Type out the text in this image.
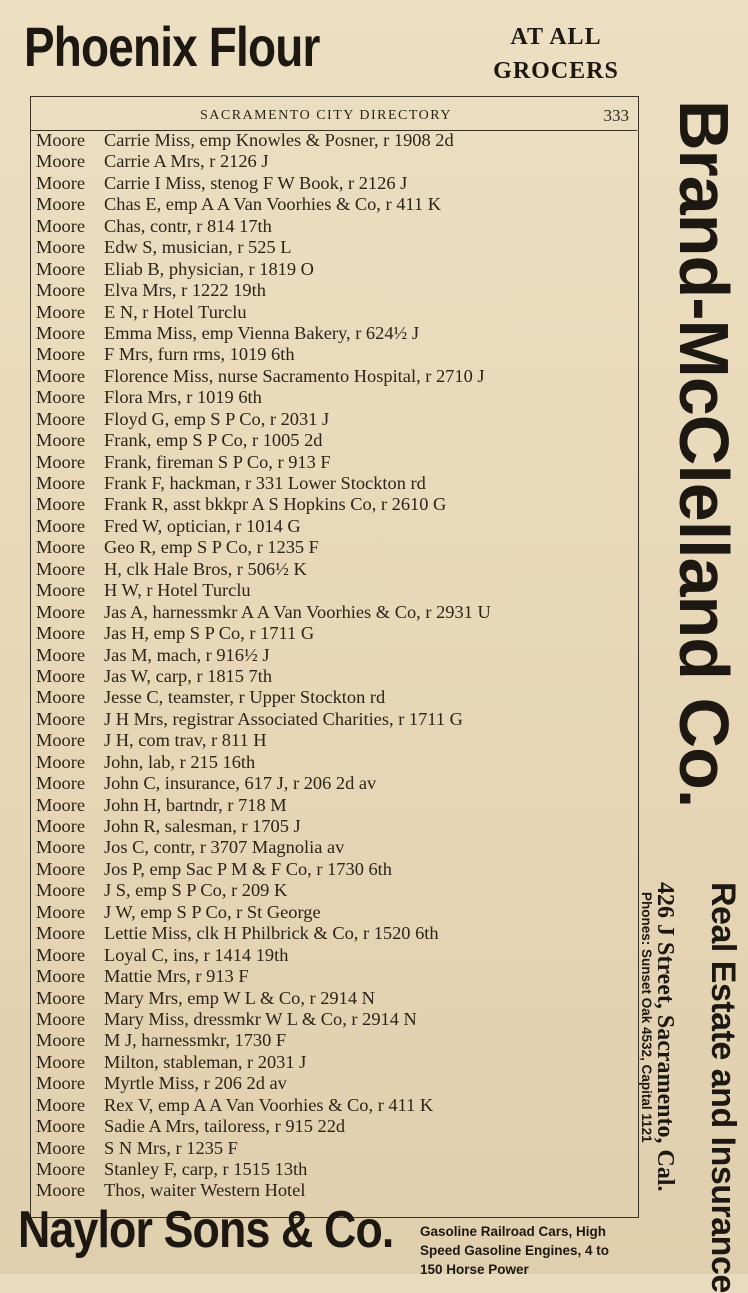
Phoenix Flour	AT ALL
GROCERS
SACRAMENTO CITY DIRECTORY	333
Moore Carrie Miss, emp Knowles & Posner, r 1908 2d
Moore Carrie A Mrs, r 2126 J
Moore Carrie I Miss, stenog F W Book, r 2126 J
Moore Chas E, emp A A Van Voorhies & Co, r 411 K
Moore Chas, contr, r 814 17th
Moore Edw S, musician, r 525 L
Moore Eliab B, physician, r 1819 O
Moore Elva Mrs, r 1222 19th
Moore E N, r Hotel Turclu
Moore Emma Miss, emp Vienna Bakery, r 624½ J
Moore F Mrs, furn rms, 1019 6th
Moore Florence Miss, nurse Sacramento Hospital, r 2710 J
Moore Flora Mrs, r 1019 6th
Moore Floyd G, emp S P Co, r 2031 J
Moore Frank, emp S P Co, r 1005 2d
Moore Frank, fireman S P Co, r 913 F
Moore Frank F, hackman, r 331 Lower Stockton rd
Moore Frank R, asst bkkpr A S Hopkins Co, r 2610 G
Moore Fred W, optician, r 1014 G
Moore Geo R, emp S P Co, r 1235 F
Moore H, clk Hale Bros, r 506½ K
Moore H W, r Hotel Turclu
Moore Jas A, harnessmkr A A Van Voorhies & Co, r 2931 U
Moore Jas H, emp S P Co, r 1711 G
Moore Jas M, mach, r 916½ J
Moore Jas W, carp, r 1815 7th
Moore Jesse C, teamster, r Upper Stockton rd
Moore J H Mrs, registrar Associated Charities, r 1711 G
Moore J H, com trav, r 811 H
Moore John, lab, r 215 16th
Moore John C, insurance, 617 J, r 206 2d av
Moore John H, bartndr, r 718 M
Moore John R, salesman, r 1705 J
Moore Jos C, contr, r 3707 Magnolia av
Moore Jos P, emp Sac P M & F Co, r 1730 6th
Moore J S, emp S P Co, r 209 K
Moore J W, emp S P Co, r St George
Moore Lettie Miss, clk H Philbrick & Co, r 1520 6th
Moore Loyal C, ins, r 1414 19th
Moore Mattie Mrs, r 913 F
Moore Mary Mrs, emp W L & Co, r 2914 N
Moore Mary Miss, dressmkr W L & Co, r 2914 N
Moore M J, harnessmkr, 1730 F
Moore Milton, stableman, r 2031 J
Moore Myrtle Miss, r 206 2d av
Moore Rex V, emp A A Van Voorhies & Co, r 411 K
Moore Sadie A Mrs, tailoress, r 915 22d
Moore S N Mrs, r 1235 F
Moore Stanley F, carp, r 1515 13th
Moore Thos, waiter Western Hotel
Brand-McClelland Co.
Real Estate and Insurance
426 J Street, Sacramento, Cal.
Phones: Sunset Oak 4532, Capital 1121
Naylor Sons & Co. Gasoline Railroad Cars, High
Speed Gasoline Engines, 4 to
150 Horse Power
